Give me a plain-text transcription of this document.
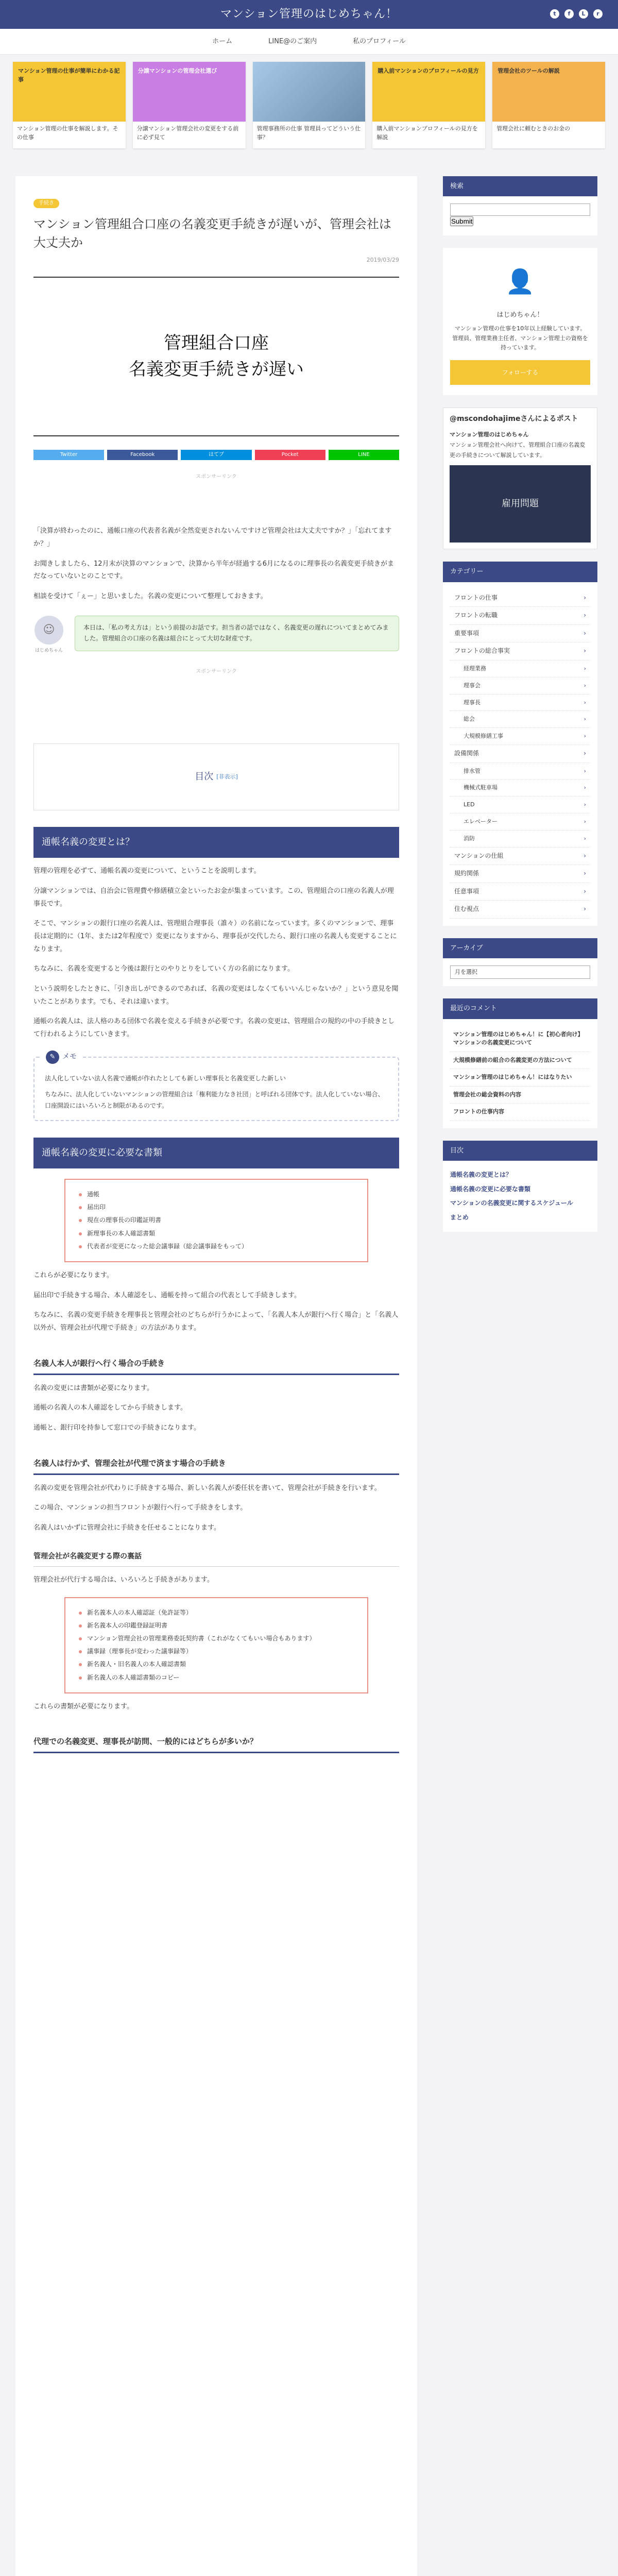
マンション管理のはじめちゃん！	t	f	L	r
ホーム	LINE@のご案内	私のプロフィール
マンション管理の仕事が簡単にわかる記事
マンション管理の仕事を解説します。その仕事
分譲マンションの管理会社選び
分譲マンション管理会社の変更をする前に必ず見て
管理事務所の仕事 管理員ってどういう仕事？
購入前マンションのプロフィールの見方
購入前マンションプロフィールの見方を解説
管理会社のツールの解説
管理会社に頼むときのお金の
手続き
マンション管理組合口座の名義変更手続きが遅いが、管理会社は大丈夫か
2019/03/29
管理組合口座
名義変更手続きが遅い
Twitter	Facebook	はてブ	Pocket	LINE
スポンサーリンク

「決算が終わったのに、通帳口座の代表者名義が全然変更されないんですけど管理会社は大丈夫ですか？」「忘れてますか？」

お聞きしましたら、12月末が決算のマンションで、決算から半年が経過する6月になるのに理事長の名義変更手続きがまだなっていないとのことです。

相談を受けて「ぇー」と思いました。名義の変更について整理しておきます。

☺
はじめちゃん
本日は、「私の考え方は」という前提のお話です。担当者の話ではなく、名義変更の遅れについてまとめてみました。管理組合の口座の名義は組合にとって大切な財産です。
スポンサーリンク
目次 [非表示]
通帳名義の変更とは？

管理の管理を必ずて、通帳名義の変更について、ということを説明します。

分譲マンションでは、自治会に管理費や修繕積立金といったお金が集まっています。この、管理組合の口座の名義人が理事長です。

そこで、マンションの銀行口座の名義人は、管理組合理事長（誰々）の名前になっています。多くのマンションで、理事長は定期的に（1年、または2年程度で）変更になりますから、理事長が交代したら、銀行口座の名義人も変更することになります。

ちなみに、名義を変更すると今後は銀行とのやりとりをしていく方の名前になります。

という説明をしたときに、「引き出しができるのであれば、名義の変更はしなくてもいいんじゃないか？」という意見を聞いたことがあります。でも、それは違います。

通帳の名義人は、法人格のある団体で名義を変える手続きが必要です。名義の変更は、管理組合の規約の中の手続きとして行われるようにしていきます。

✎ メモ

法人化していない法人名義で通帳が作れたとしても新しい理事長と名義変更した新しい

ちなみに、法人化していないマンションの管理組合は「権利能力なき社団」と呼ばれる団体です。法人化していない場合、口座開設にはいろいろと制限があるのです。

通帳名義の変更に必要な書類
通帳
届出印
現在の理事長の印鑑証明書
新理事長の本人確認書類
代表者が変更になった総会議事録（総会議事録をもって）

これらが必要になります。

届出印で手続きする場合、本人確認をし、通帳を持って組合の代表として手続きします。

ちなみに、名義の変更手続きを理事長と管理会社のどちらが行うかによって、「名義人本人が銀行へ行く場合」と「名義人以外が、管理会社が代理で手続き」の方法があります。

名義人本人が銀行へ行く場合の手続き

名義の変更には書類が必要になります。

通帳の名義人の本人確認をしてから手続きします。

通帳と、銀行印を持参して窓口での手続きになります。

名義人は行かず、管理会社が代理で済ます場合の手続き

名義の変更を管理会社が代わりに手続きする場合、新しい名義人が委任状を書いて、管理会社が手続きを行います。

この場合、マンションの担当フロントが銀行へ行って手続きをします。

名義人はいかずに管理会社に手続きを任せることになります。

管理会社が名義変更する際の裏話

管理会社が代行する場合は、いろいろと手続きがあります。

新名義本人の本人確認証（免許証等）
新名義本人の印鑑登録証明書
マンション管理会社の管理業務委託契約書（これがなくてもいい場合もあります）
議事録（理事長が変わった議事録等）
新名義人・旧名義人の本人確認書類
新名義人の本人確認書類のコピー

これらの書類が必要になります。

代理での名義変更、理事長が訪問、一般的にはどちらが多いか？
検索
Submit
👤
はじめちゃん！
マンション管理の仕事を10年以上経験しています。
管理員、管理業務主任者、マンション管理士の資格を持っています。
フォローする
@mscondohajimeさんによるポスト
マンション管理のはじめちゃん
マンション管理会社へ向けて、管理組合口座の名義変更の手続きについて解説しています。
雇用問題
カテゴリー
フロントの仕事	›
フロントの転職	›
重要事項	›
フロントの総合事実	›
経理業務	›
理事会	›
理事長	›
総会	›
大規模修繕工事	›
設備関係	›
排水管	›
機械式駐車場	›
LED	›
エレベーター	›
消防	›
マンションの仕組	›
規約関係	›
任意事項	›
住む視点	›
アーカイブ
月を選択
最近のコメント
マンション管理のはじめちゃん！に【初心者向け】マンションの名義変更について
大規模修繕前の組合の名義変更の方法について
マンション管理のはじめちゃん！にはなりたい
管理会社の総会資料の内容
フロントの仕事内容
目次
通帳名義の変更とは？
通帳名義の変更に必要な書類
マンションの名義変更に関するスケジュール
まとめ
